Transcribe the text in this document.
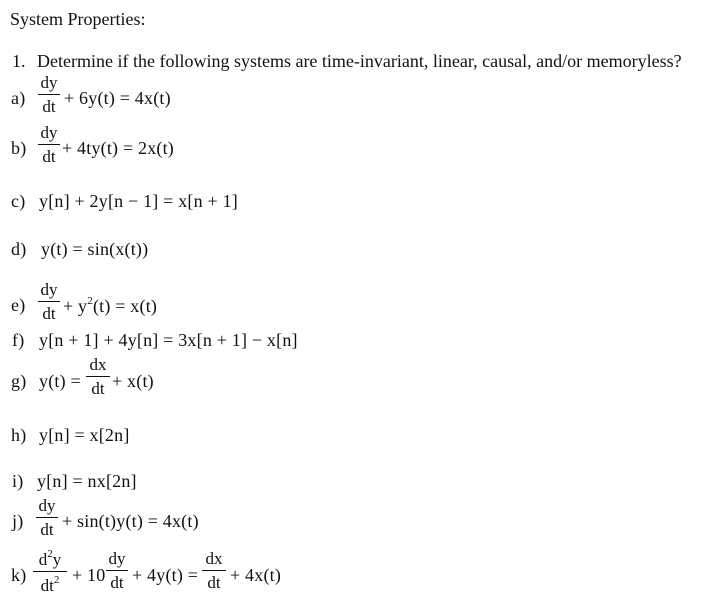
System Properties:
1. Determine if the following systems are time-invariant, linear, causal, and/or memoryless?
a)
dy
dt + 6y(t) = 4x(t)
b)
dy
dt + 4ty(t) = 2x(t)
c) y[n] + 2y[n − 1] = x[n + 1]
d) y(t) = sin(x(t))
e)
dy
dt + $y^2(t) = x(t)$
f) y[n + 1] + 4y[n] = 3x[n + 1] − x[n]
g) y(t) =
dx
dt + x(t)
h) y[n] = x[2n]
i) y[n] = nx[2n]
j)
dy
dt + sin(t)y(t) = 4x(t)
k)
$d^2y$
$dt^2 + 10$
dy
dt + 4y(t) =
dx
dt + 4x(t)
